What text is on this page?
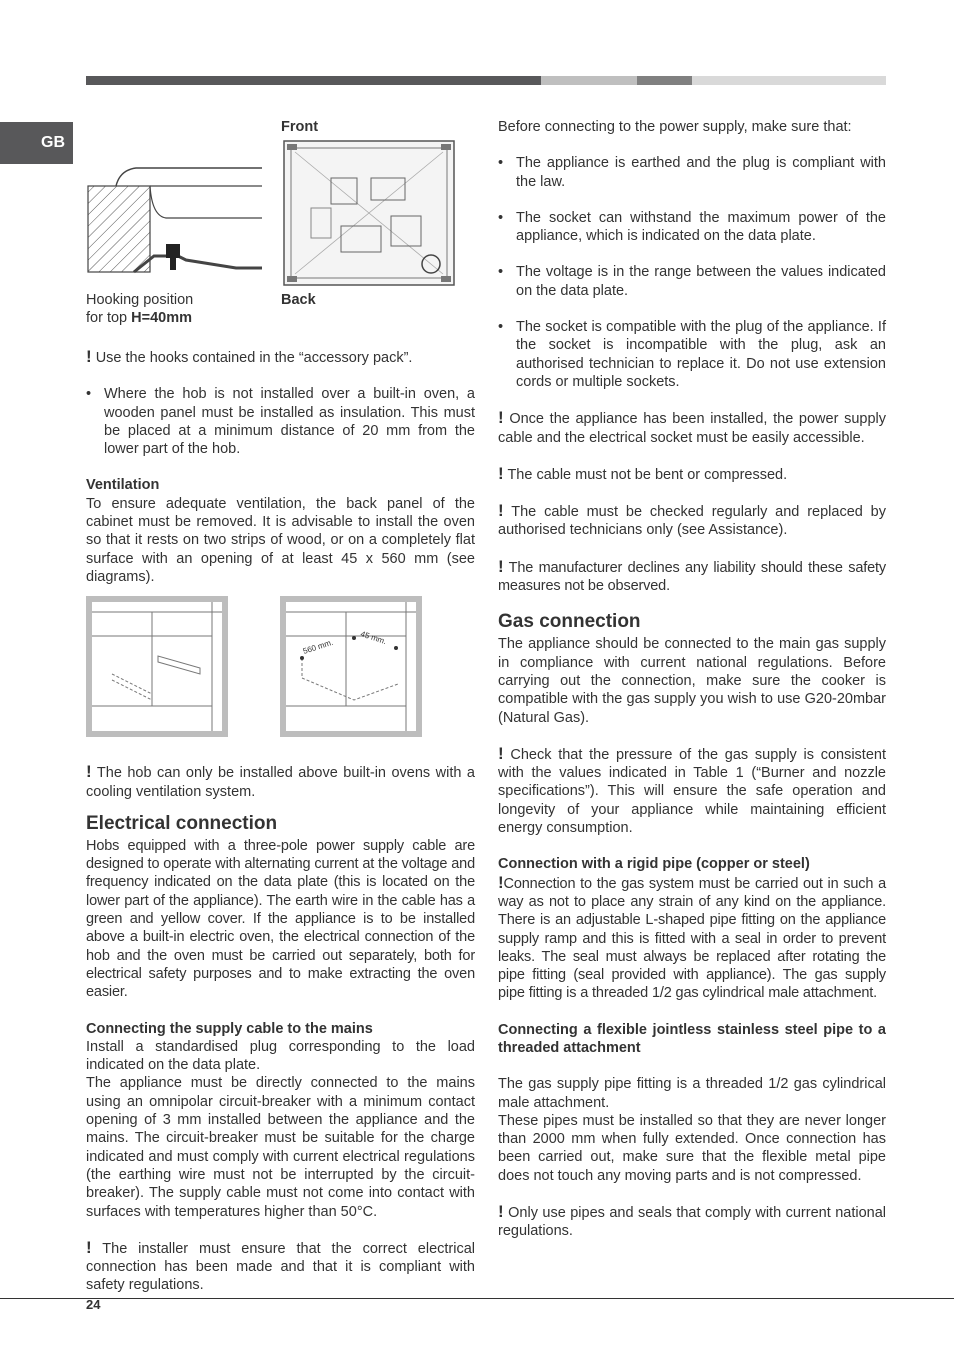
GB
Front
Hooking position
for top H=40mm
Back

! Use the hooks contained in the “accessory pack”.

• Where the hob is not installed over a built-in oven, a wooden panel must be installed as insulation. This must be placed at a minimum distance of 20 mm from the lower part of the hob.

Ventilation

To ensure adequate ventilation, the back panel of the cabinet must be removed. It is advisable to install the oven so that it rests on two strips of wood, or on a completely flat surface with an opening of at least 45 x 560 mm (see diagrams).

560 mm.	45 mm.

! The hob can only be installed above built-in ovens with a cooling ventilation system.

Electrical connection

Hobs equipped with a three-pole power supply cable are designed to operate with alternating current at the voltage and frequency indicated on the data plate (this is located on the lower part of the appliance). The earth wire in the cable has a green and yellow cover. If the appliance is to be installed above a built-in electric oven, the electrical connection of the hob and the oven must be carried out separately, both for electrical safety purposes and to make extracting the oven easier.

Connecting the supply cable to the mains

Install a standardised plug corresponding to the load indicated on the data plate.

The appliance must be directly connected to the mains using an omnipolar circuit-breaker with a minimum contact opening of 3 mm installed between the appliance and the mains. The circuit-breaker must be suitable for the charge indicated and must comply with current electrical regulations (the earthing wire must not be interrupted by the circuit-breaker). The supply cable must not come into contact with surfaces with temperatures higher than 50°C.

! The installer must ensure that the correct electrical connection has been made and that it is compliant with safety regulations.

Before connecting to the power supply, make sure that:

• The appliance is earthed and the plug is compliant with the law.
• The socket can withstand the maximum power of the appliance, which is indicated on the data plate.
• The voltage is in the range between the values indicated on the data plate.
• The socket is compatible with the plug of the appliance. If the socket is incompatible with the plug, ask an authorised technician to replace it. Do not use extension cords or multiple sockets.

! Once the appliance has been installed, the power supply cable and the electrical socket must be easily accessible.

! The cable must not be bent or compressed.

! The cable must be checked regularly and replaced by authorised technicians only (see Assistance).

! The manufacturer declines any liability should these safety measures not be observed.

Gas connection

The appliance should be connected to the main gas supply in compliance with current national regulations. Before carrying out the connection, make sure the cooker is compatible with the gas supply you wish to use G20-20mbar (Natural Gas).

! Check that the pressure of the gas supply is consistent with the values indicated in Table 1 (“Burner and nozzle specifications”). This will ensure the safe operation and longevity of your appliance while maintaining efficient energy consumption.

Connection with a rigid pipe (copper or steel)

!Connection to the gas system must be carried out in such a way as not to place any strain of any kind on the appliance. There is an adjustable L-shaped pipe fitting on the appliance supply ramp and this is fitted with a seal in order to prevent leaks. The seal must always be replaced after rotating the pipe fitting (seal provided with appliance). The gas supply pipe fitting is a threaded 1/2 gas cylindrical male attachment.

Connecting a flexible jointless stainless steel pipe to a threaded attachment

The gas supply pipe fitting is a threaded 1/2 gas cylindrical male attachment.

These pipes must be installed so that they are never longer than 2000 mm when fully extended. Once connection has been carried out, make sure that the flexible metal pipe does not touch any moving parts and is not compressed.

! Only use pipes and seals that comply with current national regulations.

24
